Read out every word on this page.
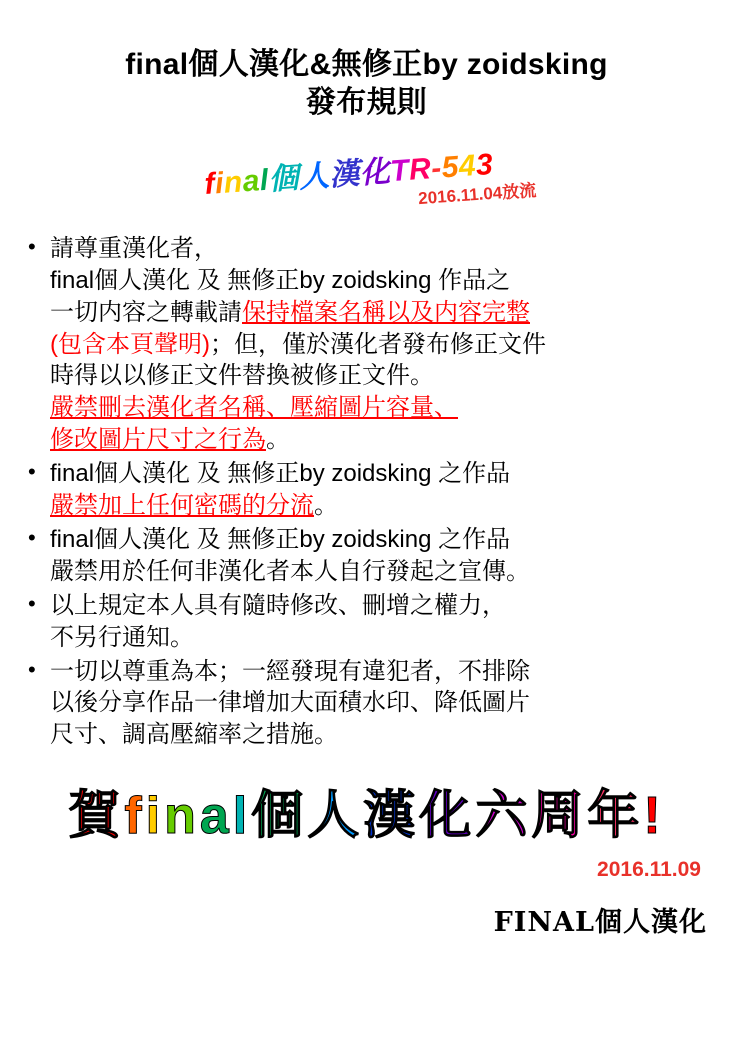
final個人漢化&無修正by zoidsking
發布規則
final個人漢化TR-543
2016.11.04放流
• 請尊重漢化者，
final個人漢化 及 無修正by zoidsking 作品之
一切内容之轉載請保持檔案名稱以及内容完整
(包含本頁聲明)；但，僅於漢化者發布修正文件
時得以以修正文件替換被修正文件。
嚴禁刪去漢化者名稱、壓縮圖片容量、
修改圖片尺寸之行為。
• final個人漢化 及 無修正by zoidsking 之作品
嚴禁加上任何密碼的分流。
• final個人漢化 及 無修正by zoidsking 之作品
嚴禁用於任何非漢化者本人自行發起之宣傳。
• 以上規定本人具有隨時修改、刪增之權力，
不另行通知。
• 一切以尊重為本；一經發現有違犯者，不排除
以後分享作品一律增加大面積水印、降低圖片
尺寸、調高壓縮率之措施。
賀final個人漢化六周年!
2016.11.09
FINAL個人漢化
